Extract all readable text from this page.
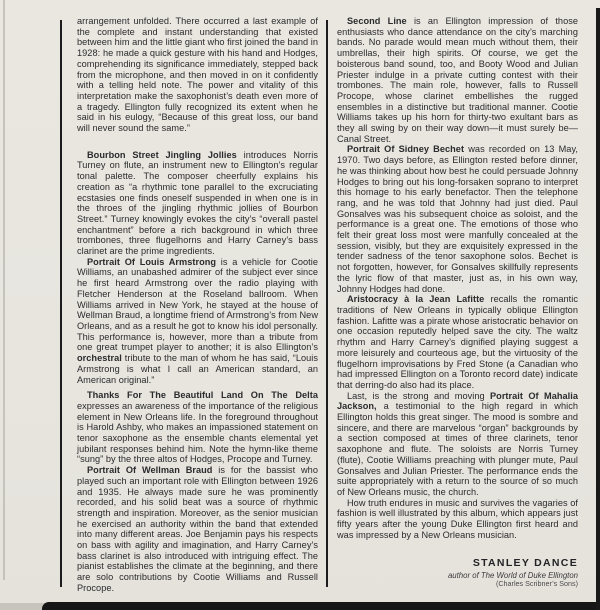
arrangement unfolded. There occurred a last example of the complete and instant understanding that existed between him and the little giant who first joined the band in 1928: he made a quick gesture with his hand and Hodges, comprehending its significance immediately, stepped back from the microphone, and then moved in on it confidently with a telling held note. The power and vitality of this interpretation make the saxophonist’s death even more of a tragedy. Ellington fully recognized its extent when he said in his eulogy, “Because of this great loss, our band will never sound the same.”

Bourbon Street Jingling Jollies introduces Norris Turney on flute, an instrument new to Ellington’s regular tonal palette. The composer cheerfully explains his creation as “a rhythmic tone parallel to the excruciating ecstasies one finds oneself suspended in when one is in the throes of the jingling rhythmic jollies of Bourbon Street.” Turney knowingly evokes the city’s “overall pastel enchantment” before a rich background in which three trombones, three flugelhorns and Harry Carney’s bass clarinet are the prime ingredients.

Portrait Of Louis Armstrong is a vehicle for Cootie Williams, an unabashed admirer of the subject ever since he first heard Armstrong over the radio playing with Fletcher Henderson at the Roseland ballroom. When Williams arrived in New York, he stayed at the house of Wellman Braud, a longtime friend of Armstrong’s from New Orleans, and as a result he got to know his idol personally. This performance is, however, more than a tribute from one great trumpet player to another; it is also Ellington’s orchestral tribute to the man of whom he has said, “Louis Armstrong is what I call an American standard, an American original.”

Thanks For The Beautiful Land On The Delta expresses an awareness of the importance of the religious element in New Orleans life. In the foreground throughout is Harold Ashby, who makes an impassioned statement on tenor saxophone as the ensemble chants elemental yet jubilant responses behind him. Note the hymn-like theme “sung” by the three altos of Hodges, Procope and Turney.

Portrait Of Wellman Braud is for the bassist who played such an important role with Ellington between 1926 and 1935. He always made sure he was prominently recorded, and his solid beat was a source of rhythmic strength and inspiration. Moreover, as the senior musician he exercised an authority within the band that extended into many different areas. Joe Benjamin pays his respects on bass with agility and imagination, and Harry Carney’s bass clarinet is also introduced with intriguing effect. The pianist establishes the climate at the beginning, and there are solo contributions by Cootie Williams and Russell Procope.

Second Line is an Ellington impression of those enthusiasts who dance attendance on the city’s marching bands. No parade would mean much without them, their umbrellas, their high spirits. Of course, we get the boisterous band sound, too, and Booty Wood and Julian Priester indulge in a private cutting contest with their trombones. The main role, however, falls to Russell Procope, whose clarinet embellishes the rugged ensembles in a distinctive but traditional manner. Cootie Williams takes up his horn for thirty-two exultant bars as they all swing by on their way down—it must surely be—Canal Street.

Portrait Of Sidney Bechet was recorded on 13 May, 1970. Two days before, as Ellington rested before dinner, he was thinking about how best he could persuade Johnny Hodges to bring out his long-forsaken soprano to interpret this homage to his early benefactor. Then the telephone rang, and he was told that Johnny had just died. Paul Gonsalves was his subsequent choice as soloist, and the performance is a great one. The emotions of those who felt their great loss most were manfully concealed at the session, visibly, but they are exquisitely expressed in the tender sadness of the tenor saxophone solos. Bechet is not forgotten, however, for Gonsalves skillfully represents the lyric flow of that master, just as, in his own way, Johnny Hodges had done.

Aristocracy à la Jean Lafitte recalls the romantic traditions of New Orleans in typically oblique Ellington fashion. Lafitte was a pirate whose aristocratic behavior on one occasion reputedly helped save the city. The waltz rhythm and Harry Carney’s dignified playing suggest a more leisurely and courteous age, but the virtuosity of the flugelhorn improvisations by Fred Stone (a Canadian who had impressed Ellington on a Toronto record date) indicate that derring-do also had its place.

Last, is the strong and moving Portrait Of Mahalia Jackson, a testimonial to the high regard in which Ellington holds this great singer. The mood is sombre and sincere, and there are marvelous “organ” backgrounds by a section composed at times of three clarinets, tenor saxophone and flute. The soloists are Norris Turney (flute), Cootie Williams preaching with plunger mute, Paul Gonsalves and Julian Priester. The performance ends the suite appropriately with a return to the source of so much of New Orleans music, the church.

How truth endures in music and survives the vagaries of fashion is well illustrated by this album, which appears just fifty years after the young Duke Ellington first heard and was impressed by a New Orleans musician.

STANLEY DANCE
author of The World of Duke Ellington
(Charles Scribner’s Sons)
